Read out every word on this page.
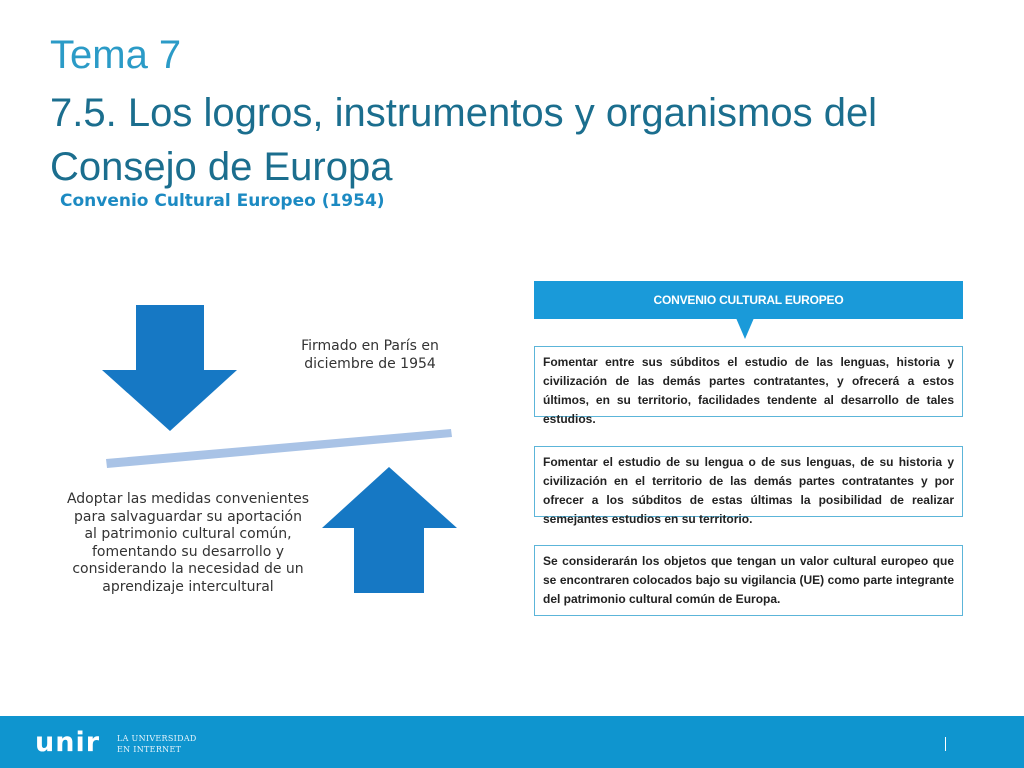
Tema 7
7.5. Los logros, instrumentos y organismos del Consejo de Europa
Convenio Cultural Europeo (1954)
Firmado en París en diciembre de 1954
Adoptar las medidas convenientes para salvaguardar su aportación al patrimonio cultural común, fomentando su desarrollo y considerando la necesidad de un aprendizaje intercultural
CONVENIO CULTURAL EUROPEO
Fomentar entre sus súbditos el estudio de las lenguas, historia y civilización de las demás partes contratantes, y ofrecerá a estos últimos, en su territorio, facilidades tendente al desarrollo de tales estudios.
Fomentar el estudio de su lengua o de sus lenguas, de su historia y civilización en el territorio de las demás partes contratantes y por ofrecer a los súbditos de estas últimas la posibilidad de realizar semejantes estudios en su territorio.
Se considerarán los objetos que tengan un valor cultural europeo que se encontraren colocados bajo su vigilancia (UE) como parte integrante del patrimonio cultural común de Europa.
unir LA UNIVERSIDAD
EN INTERNET
